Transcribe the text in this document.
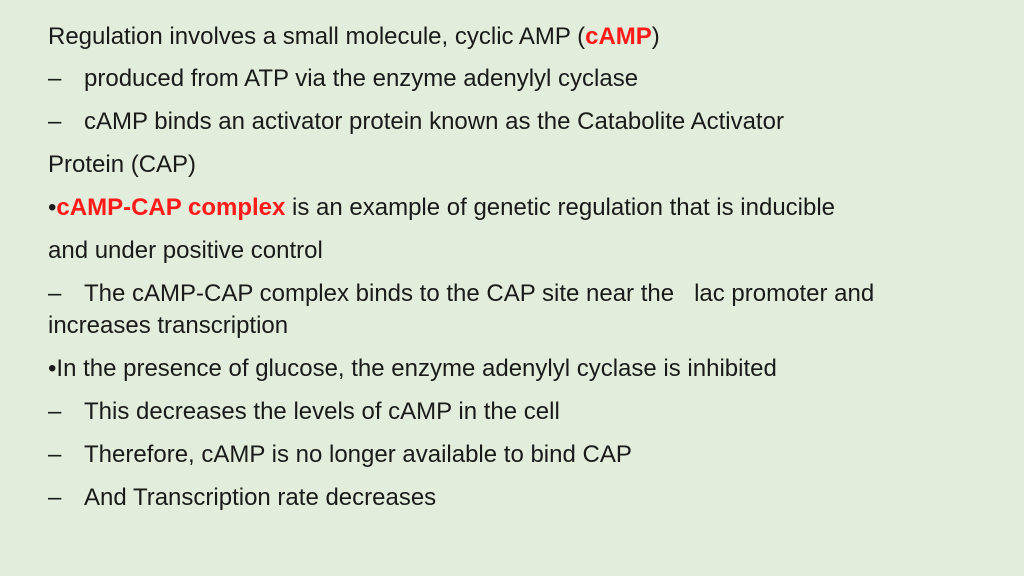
Regulation involves a small molecule, cyclic AMP (cAMP)
– produced from ATP via the enzyme adenylyl cyclase
– cAMP binds an activator protein known as the Catabolite Activator
Protein (CAP)
•cAMP-CAP complex is an example of genetic regulation that is inducible
and under positive control
– The cAMP-CAP complex binds to the CAP site near the   lac promoter and
increases transcription
•In the presence of glucose, the enzyme adenylyl cyclase is inhibited
– This decreases the levels of cAMP in the cell
– Therefore, cAMP is no longer available to bind CAP
– And Transcription rate decreases
